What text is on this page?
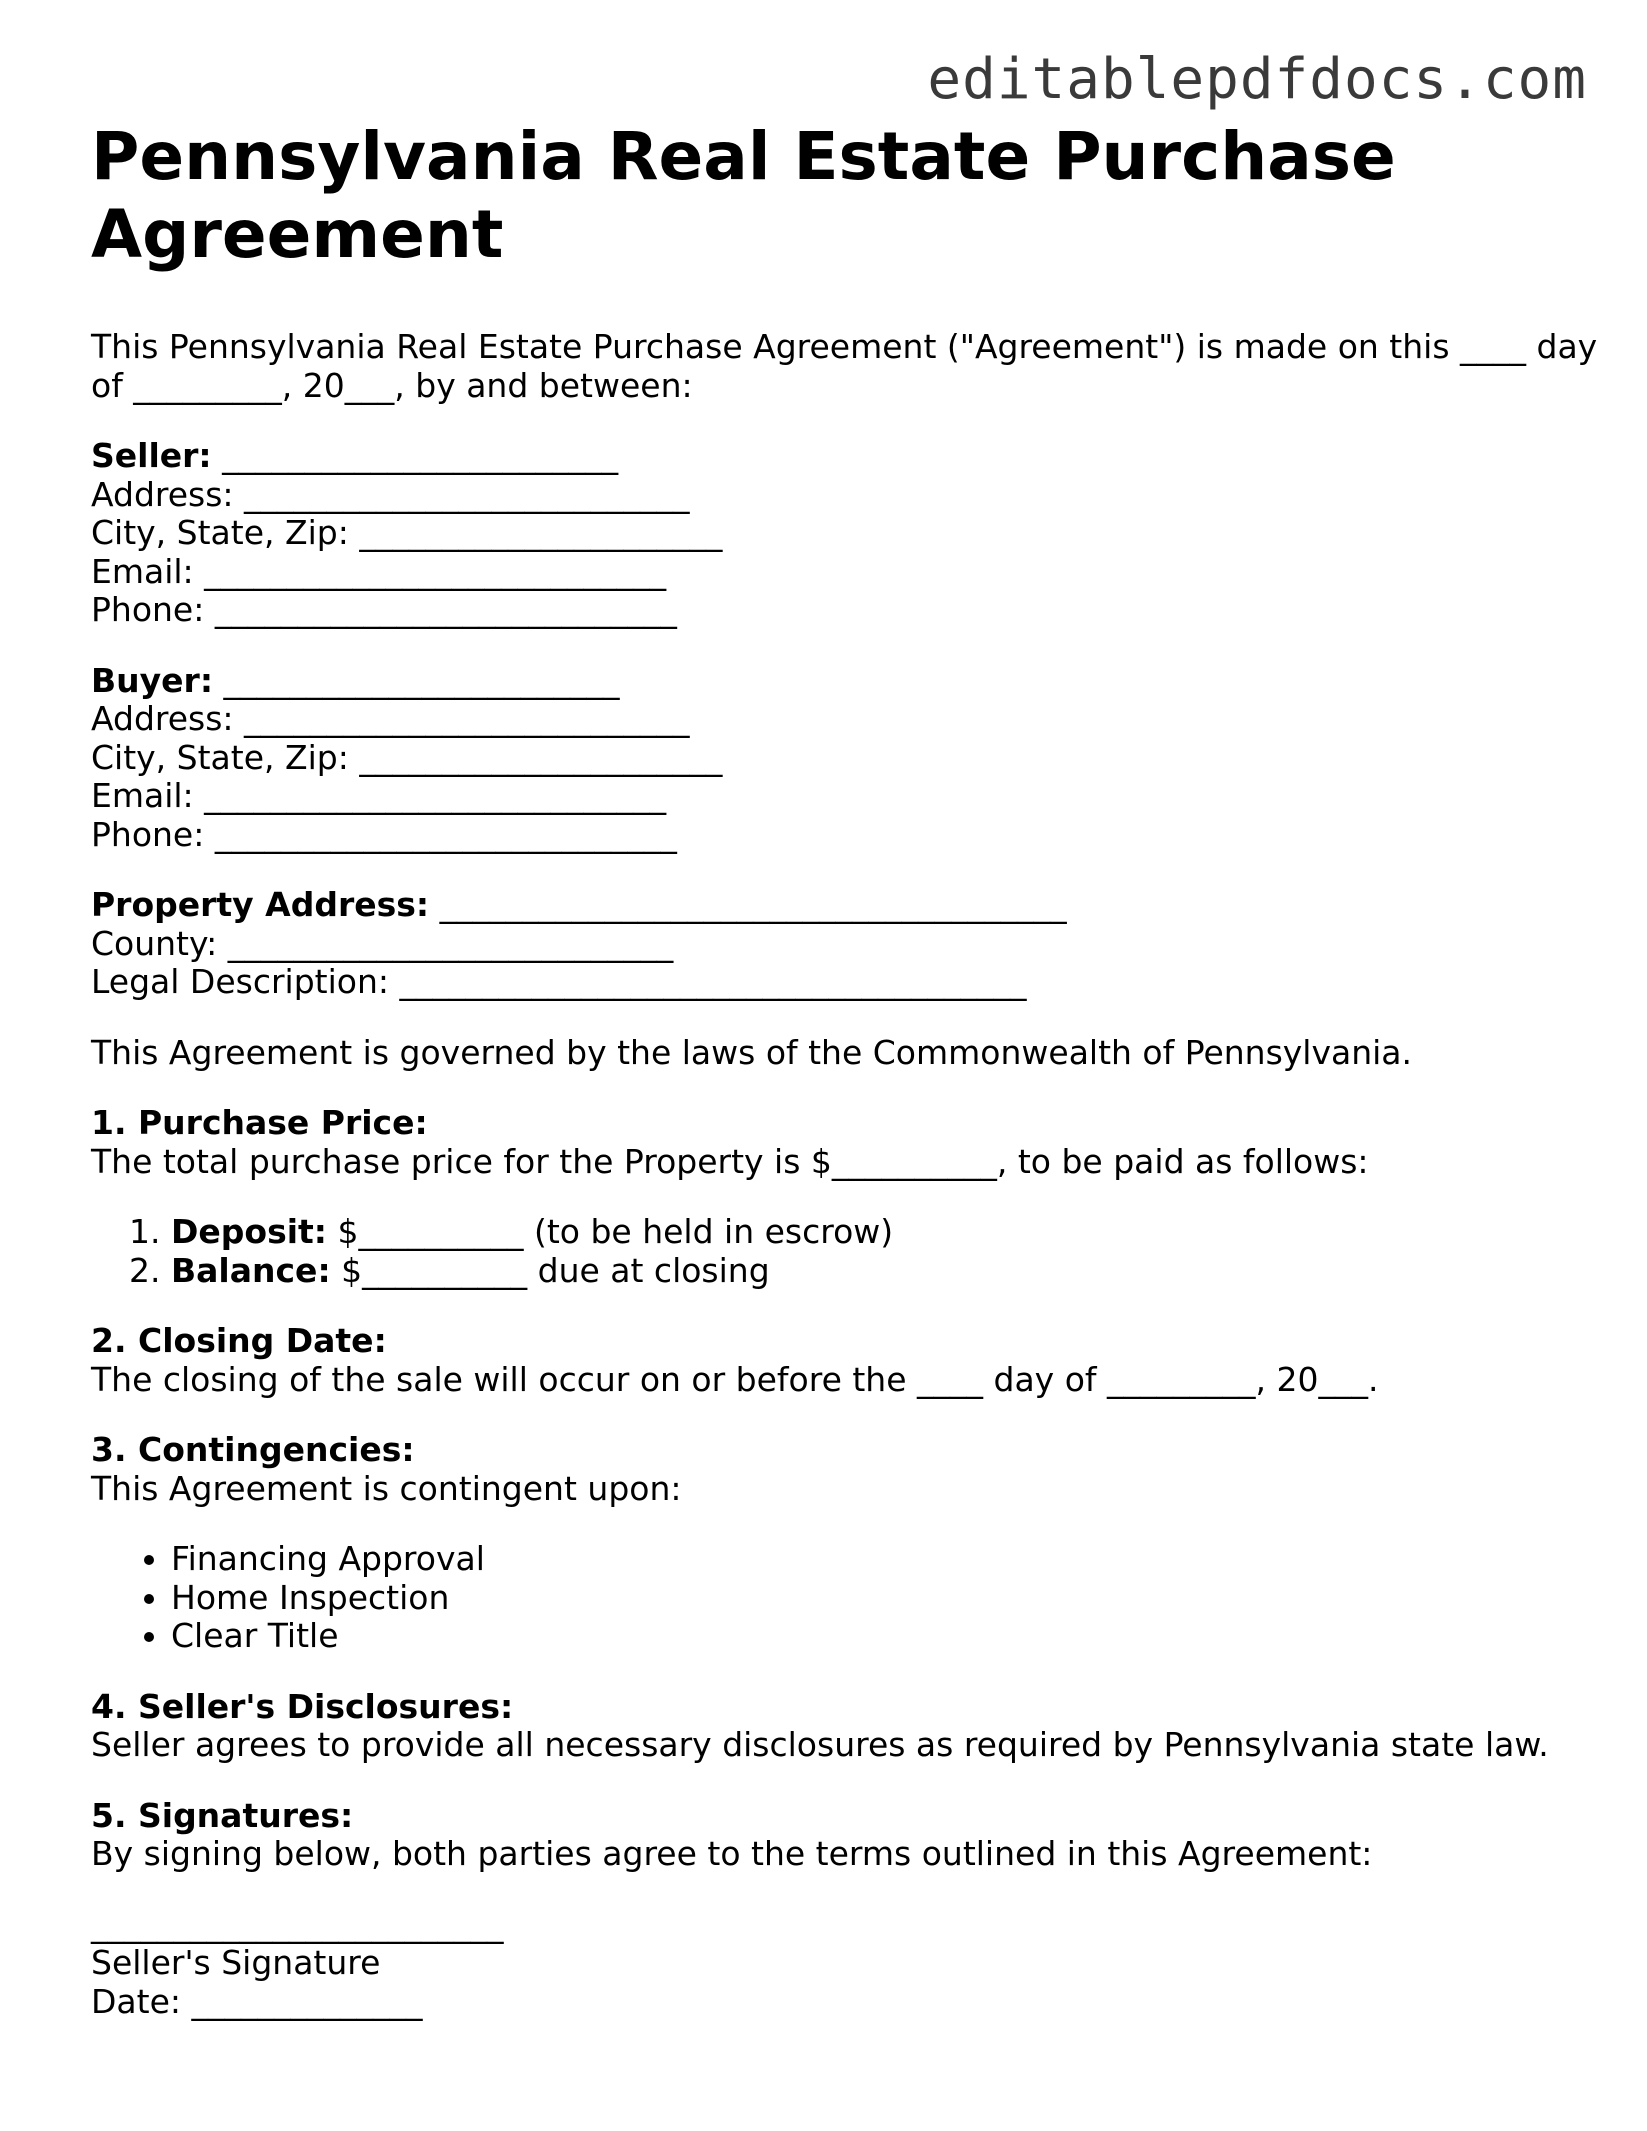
editablepdfdocs.com
Pennsylvania Real Estate Purchase Agreement

This Pennsylvania Real Estate Purchase Agreement ("Agreement") is made on this ____ day
of _________, 20___, by and between:

Seller: ________________________
Address: ___________________________
City, State, Zip: ______________________
Email: ____________________________
Phone: ____________________________

Buyer: ________________________
Address: ___________________________
City, State, Zip: ______________________
Email: ____________________________
Phone: ____________________________

Property Address: ______________________________________
County: ___________________________
Legal Description: ______________________________________

This Agreement is governed by the laws of the Commonwealth of Pennsylvania.

1. Purchase Price:
The total purchase price for the Property is $__________, to be paid as follows:

1. Deposit: $__________ (to be held in escrow)
2. Balance: $__________ due at closing

2. Closing Date:
The closing of the sale will occur on or before the ____ day of _________, 20___.

3. Contingencies:
This Agreement is contingent upon:

• Financing Approval
• Home Inspection
• Clear Title

4. Seller's Disclosures:
Seller agrees to provide all necessary disclosures as required by Pennsylvania state law.

5. Signatures:
By signing below, both parties agree to the terms outlined in this Agreement:
_________________________
Seller's Signature
Date: ______________
